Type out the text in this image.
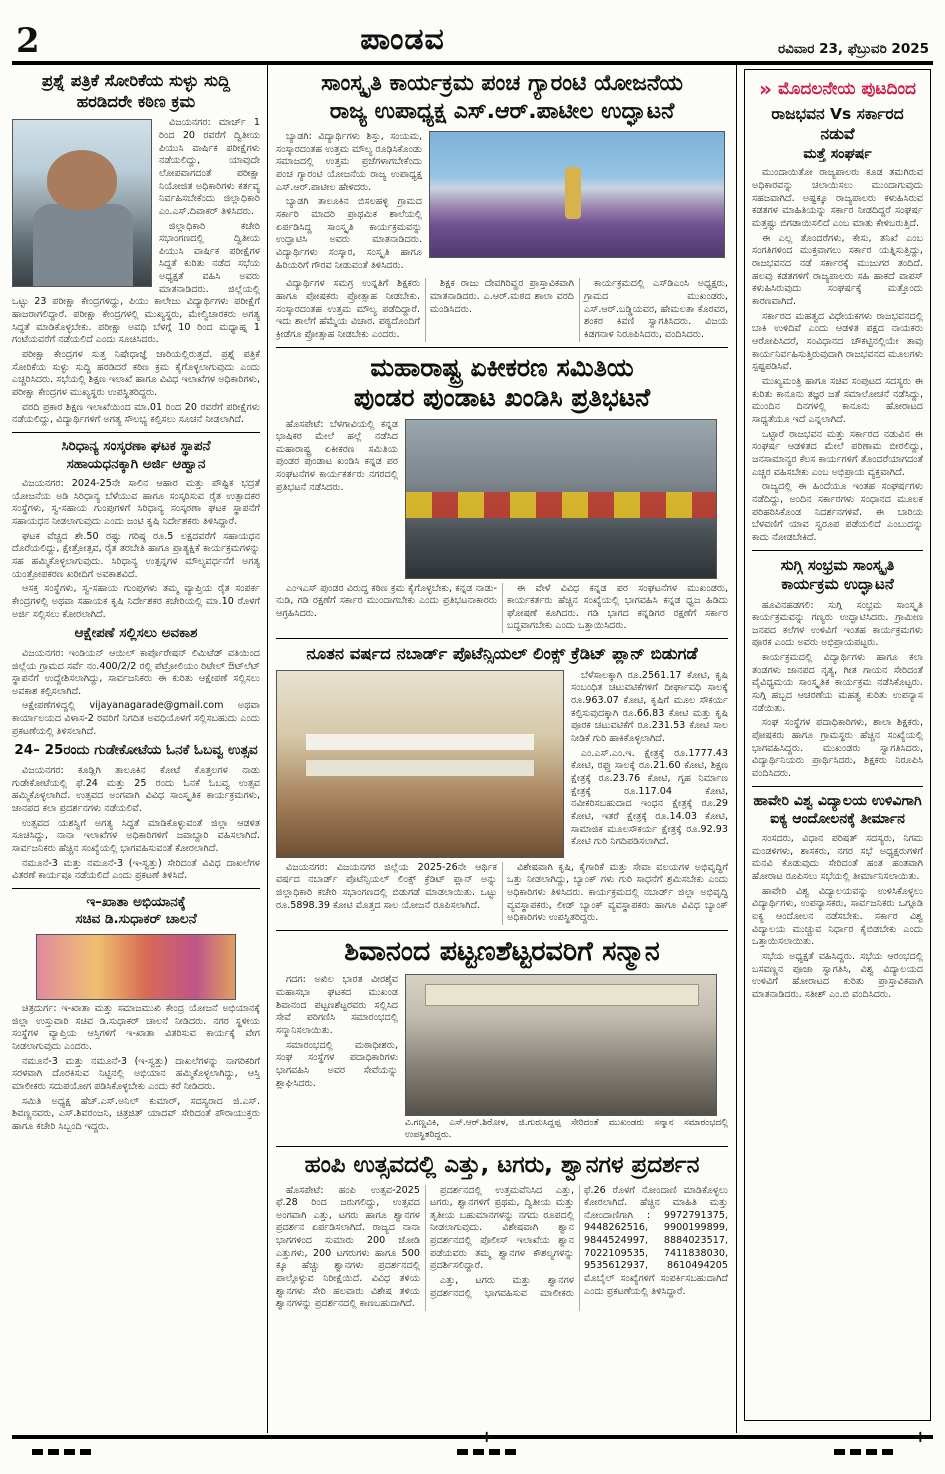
2	ಪಾಂಡವ	ರವಿವಾರ 23, ಫೆಬ್ರುವರಿ 2025
ಪ್ರಶ್ನೆ ಪತ್ರಿಕೆ ಸೋರಿಕೆಯ ಸುಳ್ಳು ಸುದ್ದಿ
ಹರಡಿದರೇ ಕಠಿಣ ಕ್ರಮ

ವಿಜಯನಗರ: ಮಾರ್ಚ್ 1 ರಿಂದ 20 ರವರೆಗೆ ದ್ವಿತೀಯ ಪಿಯುಸಿ ವಾರ್ಷಿಕ ಪರೀಕ್ಷೆಗಳು ನಡೆಯಲಿದ್ದು, ಯಾವುದೇ ಲೋಪವಾಗದಂತೆ ಪರೀಕ್ಷಾ ನಿಯೋಜಿತ ಅಧಿಕಾರಿಗಳು ಕರ್ತವ್ಯ ನಿರ್ವಹಿಸಬೇಕೆಂದು ಜಿಲ್ಲಾಧಿಕಾರಿ ಎಂ.ಎಸ್.ದಿವಾಕರ್ ತಿಳಿಸಿದರು.

ಜಿಲ್ಲಾಧಿಕಾರಿ ಕಚೇರಿ ಸಭಾಂಗಣದಲ್ಲಿ ದ್ವಿತೀಯ ಪಿಯುಸಿ ವಾರ್ಷಿಕ ಪರೀಕ್ಷೆಗಳ ಸಿದ್ಧತೆ ಕುರಿತು ನಡೆದ ಸಭೆಯ ಅಧ್ಯಕ್ಷತೆ ವಹಿಸಿ ಅವರು ಮಾತನಾಡಿದರು. ಜಿಲ್ಲೆಯಲ್ಲಿ ಒಟ್ಟು 23 ಪರೀಕ್ಷಾ ಕೇಂದ್ರಗಳಿದ್ದು, ಪಿಯು ಕಾಲೇಜು ವಿದ್ಯಾರ್ಥಿಗಳು ಪರೀಕ್ಷೆಗೆ ಹಾಜರಾಗಲಿದ್ದಾರೆ. ಪರೀಕ್ಷಾ ಕೇಂದ್ರಗಳಲ್ಲಿ ಮುಖ್ಯಸ್ಥರು, ಮೇಲ್ವಿಚಾರಕರು ಅಗತ್ಯ ಸಿದ್ಧತೆ ಮಾಡಿಕೊಳ್ಳಬೇಕು. ಪರೀಕ್ಷಾ ಅವಧಿ ಬೆಳಗ್ಗೆ 10 ರಿಂದ ಮಧ್ಯಾಹ್ನ 1 ಗಂಟೆಯವರೆಗೆ ನಡೆಯಲಿದೆ ಎಂದು ಸೂಚಿಸಿದರು.

ಪರೀಕ್ಷಾ ಕೇಂದ್ರಗಳ ಸುತ್ತ ನಿಷೇಧಾಜ್ಞೆ ಜಾರಿಯಲ್ಲಿರುತ್ತದೆ. ಪ್ರಶ್ನೆ ಪತ್ರಿಕೆ ಸೋರಿಕೆಯ ಸುಳ್ಳು ಸುದ್ದಿ ಹರಡಿದರೆ ಕಠಿಣ ಕ್ರಮ ಕೈಗೊಳ್ಳಲಾಗುವುದು ಎಂದು ಎಚ್ಚರಿಸಿದರು. ಸಭೆಯಲ್ಲಿ ಶಿಕ್ಷಣ ಇಲಾಖೆ ಹಾಗೂ ವಿವಿಧ ಇಲಾಖೆಗಳ ಅಧಿಕಾರಿಗಳು, ಪರೀಕ್ಷಾ ಕೇಂದ್ರಗಳ ಮುಖ್ಯಸ್ಥರು ಉಪಸ್ಥಿತರಿದ್ದರು.

ವರದಿ ಪ್ರಕಾರ ಶಿಕ್ಷಣ ಇಲಾಖೆಯಿಂದ ಮಾ.01 ರಿಂದ 20 ರವರೆಗೆ ಪರೀಕ್ಷೆಗಳು ನಡೆಯಲಿದ್ದು, ವಿದ್ಯಾರ್ಥಿಗಳಿಗೆ ಅಗತ್ಯ ಸೌಲಭ್ಯ ಕಲ್ಪಿಸಲು ಸೂಚನೆ ನೀಡಲಾಗಿದೆ.

ಸಿರಿಧಾನ್ಯ ಸಂಸ್ಕರಣಾ ಘಟಕ ಸ್ಥಾಪನೆ
ಸಹಾಯಧನಕ್ಕಾಗಿ ಅರ್ಜಿ ಆಹ್ವಾನ

ವಿಜಯನಗರ: 2024-25ನೇ ಸಾಲಿನ ಆಹಾರ ಮತ್ತು ಪೌಷ್ಟಿಕ ಭದ್ರತೆ ಯೋಜನೆಯ ಅಡಿ ಸಿರಿಧಾನ್ಯ ಬೆಳೆಯುವ ಹಾಗೂ ಸಂಸ್ಕರಿಸುವ ರೈತ ಉತ್ಪಾದಕರ ಸಂಸ್ಥೆಗಳು, ಸ್ವ-ಸಹಾಯ ಗುಂಪುಗಳಿಗೆ ಸಿರಿಧಾನ್ಯ ಸಂಸ್ಕರಣಾ ಘಟಕ ಸ್ಥಾಪನೆಗೆ ಸಹಾಯಧನ ನೀಡಲಾಗುವುದು ಎಂದು ಜಂಟಿ ಕೃಷಿ ನಿರ್ದೇಶಕರು ತಿಳಿಸಿದ್ದಾರೆ.

ಘಟಕ ವೆಚ್ಚದ ಶೇ.50 ರಷ್ಟು ಗರಿಷ್ಠ ರೂ.5 ಲಕ್ಷದವರೆಗೆ ಸಹಾಯಧನ ದೊರೆಯಲಿದ್ದು, ಕ್ಷೇತ್ರೋತ್ಸವ, ರೈತ ತರಬೇತಿ ಹಾಗೂ ಪ್ರಾತ್ಯಕ್ಷಿಕೆ ಕಾರ್ಯಕ್ರಮಗಳನ್ನು ಸಹ ಹಮ್ಮಿಕೊಳ್ಳಲಾಗುವುದು. ಸಿರಿಧಾನ್ಯ ಉತ್ಪನ್ನಗಳ ಮೌಲ್ಯವರ್ಧನೆಗೆ ಅಗತ್ಯ ಯಂತ್ರೋಪಕರಣ ಖರೀದಿಗೆ ಅವಕಾಶವಿದೆ.

ಆಸಕ್ತ ಸಂಸ್ಥೆಗಳು, ಸ್ವ-ಸಹಾಯ ಗುಂಪುಗಳು ತಮ್ಮ ವ್ಯಾಪ್ತಿಯ ರೈತ ಸಂಪರ್ಕ ಕೇಂದ್ರಗಳಲ್ಲಿ ಅಥವಾ ಸಹಾಯಕ ಕೃಷಿ ನಿರ್ದೇಶಕರ ಕಚೇರಿಯಲ್ಲಿ ಮಾ.10 ರೊಳಗೆ ಅರ್ಜಿ ಸಲ್ಲಿಸಲು ಕೋರಲಾಗಿದೆ.

ಆಕ್ಷೇಪಣೆ ಸಲ್ಲಿಸಲು ಅವಕಾಶ

ವಿಜಯನಗರ: ಇಂಡಿಯನ್ ಆಯಿಲ್ ಕಾರ್ಪೊರೇಷನ್ ಲಿಮಿಟೆಡ್ ವತಿಯಿಂದ ಜಿಲ್ಲೆಯ ಗ್ರಾಮದ ಸರ್ವೆ ನಂ.400/2/2 ರಲ್ಲಿ ಪೆಟ್ರೋಲಿಯಂ ರಿಟೇಲ್ ಔಟ್‌ಲೆಟ್ ಸ್ಥಾಪನೆಗೆ ಉದ್ದೇಶಿಸಲಾಗಿದ್ದು, ಸಾರ್ವಜನಿಕರು ಈ ಕುರಿತು ಆಕ್ಷೇಪಣೆ ಸಲ್ಲಿಸಲು ಅವಕಾಶ ಕಲ್ಪಿಸಲಾಗಿದೆ.

ಆಕ್ಷೇಪಣೆಗಳಿದ್ದಲ್ಲಿ vijayanagarade@gmail.com ಅಥವಾ ಕಾರ್ಯಾಲಯದ ವಿಳಾಸ-2 ರವರಿಗೆ ನಿಗದಿತ ಅವಧಿಯೊಳಗೆ ಸಲ್ಲಿಸಬಹುದು ಎಂದು ಪ್ರಕಟಣೆಯಲ್ಲಿ ತಿಳಿಸಲಾಗಿದೆ.

24– 25ರಂದು ಗುಡೇಕೋಟೆಯ ಓನಕೆ ಓಬವ್ವ ಉತ್ಸವ

ವಿಜಯನಗರ: ಕೂಡ್ಲಿಗಿ ತಾಲೂಕಿನ ಕೋಟೆ ಕೊತ್ತಲಗಳ ನಾಡು ಗುಡೇಕೋಟೆಯಲ್ಲಿ ಫೆ.24 ಮತ್ತು 25 ರಂದು ಓನಕೆ ಓಬವ್ವ ಉತ್ಸವ ಹಮ್ಮಿಕೊಳ್ಳಲಾಗಿದೆ. ಉತ್ಸವದ ಅಂಗವಾಗಿ ವಿವಿಧ ಸಾಂಸ್ಕೃತಿಕ ಕಾರ್ಯಕ್ರಮಗಳು, ಜಾನಪದ ಕಲಾ ಪ್ರದರ್ಶನಗಳು ನಡೆಯಲಿವೆ.

ಉತ್ಸವದ ಯಶಸ್ವಿಗೆ ಅಗತ್ಯ ಸಿದ್ಧತೆ ಮಾಡಿಕೊಳ್ಳುವಂತೆ ಜಿಲ್ಲಾ ಆಡಳಿತ ಸೂಚಿಸಿದ್ದು, ನಾನಾ ಇಲಾಖೆಗಳ ಅಧಿಕಾರಿಗಳಿಗೆ ಜವಾಬ್ದಾರಿ ವಹಿಸಲಾಗಿದೆ. ಸಾರ್ವಜನಿಕರು ಹೆಚ್ಚಿನ ಸಂಖ್ಯೆಯಲ್ಲಿ ಭಾಗವಹಿಸುವಂತೆ ಕೋರಲಾಗಿದೆ.

ನಮೂನೆ-3 ಮತ್ತು ನಮೂನೆ-3 (ಇ-ಸ್ವತ್ತು) ಸೇರಿದಂತೆ ವಿವಿಧ ದಾಖಲೆಗಳ ವಿತರಣೆ ಕಾರ್ಯವೂ ನಡೆಯಲಿದೆ ಎಂದು ಪ್ರಕಟಣೆ ತಿಳಿಸಿದೆ.

ಇ–ಖಾತಾ ಅಭಿಯಾನಕ್ಕೆ
ಸಚಿವ ಡಿ.ಸುಧಾಕರ್ ಚಾಲನೆ

ಚಿತ್ರದುರ್ಗ: ಇ-ಖಾತಾ ಮತ್ತು ಸಮಾಜಮುಖಿ ಕೇಂದ್ರ ಯೋಜನೆ ಅಭಿಯಾನಕ್ಕೆ ಜಿಲ್ಲಾ ಉಸ್ತುವಾರಿ ಸಚಿವ ಡಿ.ಸುಧಾಕರ್ ಚಾಲನೆ ನೀಡಿದರು. ನಗರ ಸ್ಥಳೀಯ ಸಂಸ್ಥೆಗಳ ವ್ಯಾಪ್ತಿಯ ಆಸ್ತಿಗಳಿಗೆ ಇ-ಖಾತಾ ವಿತರಿಸುವ ಕಾರ್ಯಕ್ಕೆ ವೇಗ ನೀಡಲಾಗುವುದು ಎಂದರು.

ನಮೂನೆ-3 ಮತ್ತು ನಮೂನೆ-3 (ಇ-ಸ್ವತ್ತು) ದಾಖಲೆಗಳನ್ನು ನಾಗರಿಕರಿಗೆ ಸರಳವಾಗಿ ದೊರಕಿಸುವ ನಿಟ್ಟಿನಲ್ಲಿ ಅಭಿಯಾನ ಹಮ್ಮಿಕೊಳ್ಳಲಾಗಿದ್ದು, ಆಸ್ತಿ ಮಾಲೀಕರು ಸದುಪಯೋಗ ಪಡಿಸಿಕೊಳ್ಳಬೇಕು ಎಂದು ಕರೆ ನೀಡಿದರು.

ಸಮಿತಿ ಅಧ್ಯಕ್ಷ ಹೆಚ್.ಎಸ್.ಅನಿಲ್ ಕುಮಾರ್, ಸದಸ್ಯರಾದ ಜಿ.ಎಸ್. ಶಿವಣ್ಣನವರು, ಎಸ್.ಶಿವರಂಜನಿ, ಚಿತ್ರಜಿತ್ ಯಾದವ್ ಸೇರಿದಂತೆ ಪೌರಾಯುಕ್ತರು ಹಾಗೂ ಕಚೇರಿ ಸಿಬ್ಬಂದಿ ಇದ್ದರು.

ಸಾಂಸ್ಕೃತಿ ಕಾರ್ಯಕ್ರಮ ಪಂಚ ಗ್ಯಾರಂಟಿ ಯೋಜನೆಯ
ರಾಜ್ಯ ಉಪಾಧ್ಯಕ್ಷ ಎಸ್.ಆರ್.ಪಾಟೀಲ ಉದ್ಘಾಟನೆ

ಬ್ಯಾಡಗಿ: ವಿದ್ಯಾರ್ಥಿಗಳು ಶಿಸ್ತು, ಸಂಯಮ, ಸಂಸ್ಕಾರದಂತಹ ಉತ್ತಮ ಮೌಲ್ಯ ರೂಢಿಸಿಕೊಂಡು ಸಮಾಜದಲ್ಲಿ ಉತ್ತಮ ಪ್ರಜೆಗಳಾಗಬೇಕೆಂದು ಪಂಚ ಗ್ಯಾರಂಟಿ ಯೋಜನೆಯ ರಾಜ್ಯ ಉಪಾಧ್ಯಕ್ಷ ಎಸ್.ಆರ್.ಪಾಟೀಲ ಹೇಳಿದರು.

ಬ್ಯಾಡಗಿ ತಾಲೂಕಿನ ಬಿಸಲಹಳ್ಳಿ ಗ್ರಾಮದ ಸರ್ಕಾರಿ ಮಾದರಿ ಪ್ರಾಥಮಿಕ ಶಾಲೆಯಲ್ಲಿ ಏರ್ಪಡಿಸಿದ್ದ ಸಾಂಸ್ಕೃತಿ ಕಾರ್ಯಕ್ರಮವನ್ನು ಉದ್ಘಾಟಿಸಿ ಅವರು ಮಾತನಾಡಿದರು. ವಿದ್ಯಾರ್ಥಿಗಳು ಸಂಸ್ಕಾರ, ಸಂಸ್ಕೃತಿ ಹಾಗೂ ಹಿರಿಯರಿಗೆ ಗೌರವ ನೀಡುವಂತೆ ತಿಳಿಸಿದರು.

ವಿದ್ಯಾರ್ಥಿಗಳ ಸಮಗ್ರ ಉನ್ನತಿಗೆ ಶಿಕ್ಷಕರು ಹಾಗೂ ಪೋಷಕರು ಪ್ರೋತ್ಸಾಹ ನೀಡಬೇಕು. ಸಂಸ್ಕಾರದಂತಹ ಉತ್ತಮ ಮೌಲ್ಯ ಪಡೆದಿದ್ದಾರೆ. ಇದು ಶಾಲೆಗೆ ಹೆಮ್ಮೆಯ ವಿಚಾರ. ಪಠ್ಯದೊಂದಿಗೆ ಕ್ರೀಡೆಗೂ ಪ್ರೋತ್ಸಾಹ ನೀಡಬೇಕು ಎಂದರು.

ಶಿಕ್ಷಕ ರಾಜು ದೇವಗಿರಿವ್ಹರ ಪ್ರಾಸ್ತಾವಿಕವಾಗಿ ಮಾತನಾಡಿದರು. ಎ.ಆರ್.ಮಠದ ಶಾಲಾ ವರದಿ ಮಂಡಿಸಿದರು.

ಕಾರ್ಯಕ್ರಮದಲ್ಲಿ ಎಸ್‌ಡಿಎಂಸಿ ಅಧ್ಯಕ್ಷರು, ಗ್ರಾಮದ ಮುಖಂಡರು, ಎಸ್.ಆರ್.ಬಡ್ಡಿಯವರ, ಹೇಮಲತಾ ಕೊರವರ, ಶಂಕರ ಕಿವಣಿ ಸ್ವಾಗತಿಸಿದರು. ವಿಜಯ ಕಿಡಗನಾಳ ನಿರೂಪಿಸಿದರು, ವಂದಿಸಿದರು.

ಮಹಾರಾಷ್ಟ್ರ ಏಕೀಕರಣ ಸಮಿತಿಯ
ಪುಂಡರ ಪುಂಡಾಟ ಖಂಡಿಸಿ ಪ್ರತಿಭಟನೆ

ಹೊಸಪೇಟೆ: ಬೆಳಗಾವಿಯಲ್ಲಿ ಕನ್ನಡ ಭಾಷಿಕರ ಮೇಲೆ ಹಲ್ಲೆ ನಡೆಸಿದ ಮಹಾರಾಷ್ಟ್ರ ಏಕೀಕರಣ ಸಮಿತಿಯ ಪುಂಡರ ಪುಂಡಾಟ ಖಂಡಿಸಿ ಕನ್ನಡ ಪರ ಸಂಘಟನೆಗಳ ಕಾರ್ಯಕರ್ತರು ನಗರದಲ್ಲಿ ಪ್ರತಿಭಟನೆ ನಡೆಸಿದರು.

ಎಂಇಎಸ್ ಪುಂಡರ ವಿರುದ್ಧ ಕಠಿಣ ಕ್ರಮ ಕೈಗೊಳ್ಳಬೇಕು, ಕನ್ನಡ ನಾಡು-ನುಡಿ, ಗಡಿ ರಕ್ಷಣೆಗೆ ಸರ್ಕಾರ ಮುಂದಾಗಬೇಕು ಎಂದು ಪ್ರತಿಭಟನಾಕಾರರು ಆಗ್ರಹಿಸಿದರು.

ಈ ವೇಳೆ ವಿವಿಧ ಕನ್ನಡ ಪರ ಸಂಘಟನೆಗಳ ಮುಖಂಡರು, ಕಾರ್ಯಕರ್ತರು ಹೆಚ್ಚಿನ ಸಂಖ್ಯೆಯಲ್ಲಿ ಭಾಗವಹಿಸಿ ಕನ್ನಡ ಧ್ವಜ ಹಿಡಿದು ಘೋಷಣೆ ಕೂಗಿದರು. ಗಡಿ ಭಾಗದ ಕನ್ನಡಿಗರ ರಕ್ಷಣೆಗೆ ಸರ್ಕಾರ ಬದ್ಧವಾಗಬೇಕು ಎಂದು ಒತ್ತಾಯಿಸಿದರು.

ನೂತನ ವರ್ಷದ ನಬಾರ್ಡ್ ಪೊಟೆನ್ಸಿಯಲ್ ಲಿಂಕ್ಸ್ ಕ್ರೆಡಿಟ್ ಪ್ಲಾನ್ ಬಿಡುಗಡೆ

ಬೆಳೆಸಾಲಕ್ಕಾಗಿ ರೂ.2561.17 ಕೋಟಿ, ಕೃಷಿ ಸಂಬಂಧಿತ ಚಟುವಟಿಕೆಗಳಿಗೆ ದೀರ್ಘಾವಧಿ ಸಾಲಕ್ಕೆ ರೂ.963.07 ಕೋಟಿ, ಕೃಷಿಗೆ ಮೂಲ ಸೌಕರ್ಯ ಕಲ್ಪಿಸುವುದಕ್ಕಾಗಿ ರೂ.66.83 ಕೋಟಿ ಮತ್ತು ಕೃಷಿ ಪೂರಕ ಚಟುವಟಿಕೆಗೆ ರೂ.231.53 ಕೋಟಿ ಸಾಲ ನೀಡಿಕೆ ಗುರಿ ಹಾಕಿಕೊಳ್ಳಲಾಗಿದೆ.

ಎಂ.ಎಸ್.ಎಂ.ಇ. ಕ್ಷೇತ್ರಕ್ಕೆ ರೂ.1777.43 ಕೋಟಿ, ರಫ್ತು ಸಾಲಕ್ಕೆ ರೂ.21.60 ಕೋಟಿ, ಶಿಕ್ಷಣ ಕ್ಷೇತ್ರಕ್ಕೆ ರೂ.23.76 ಕೋಟಿ, ಗೃಹ ನಿರ್ಮಾಣ ಕ್ಷೇತ್ರಕ್ಕೆ ರೂ.117.04 ಕೋಟಿ, ನವೀಕರಿಸಬಹುದಾದ ಇಂಧನ ಕ್ಷೇತ್ರಕ್ಕೆ ರೂ.29 ಕೋಟಿ, ಇತರೆ ಕ್ಷೇತ್ರಕ್ಕೆ ರೂ.14.03 ಕೋಟಿ, ಸಾಮಾಜಿಕ ಮೂಲಸೌಕರ್ಯ ಕ್ಷೇತ್ರಕ್ಕೆ ರೂ.92.93 ಕೋಟಿ ಗುರಿ ನಿಗದಿಪಡಿಸಲಾಗಿದೆ.

ವಿಜಯನಗರ: ವಿಜಯನಗರ ಜಿಲ್ಲೆಯ 2025-26ನೇ ಆರ್ಥಿಕ ವರ್ಷದ ನಬಾರ್ಡ್ ಪೊಟೆನ್ಸಿಯಲ್ ಲಿಂಕ್ಸ್ ಕ್ರೆಡಿಟ್ ಪ್ಲಾನ್ ಅನ್ನು ಜಿಲ್ಲಾಧಿಕಾರಿ ಕಚೇರಿ ಸಭಾಂಗಣದಲ್ಲಿ ಬಿಡುಗಡೆ ಮಾಡಲಾಯಿತು. ಒಟ್ಟು ರೂ.5898.39 ಕೋಟಿ ಮೊತ್ತದ ಸಾಲ ಯೋಜನೆ ರೂಪಿಸಲಾಗಿದೆ.

ವಿಶೇಷವಾಗಿ ಕೃಷಿ, ಕೈಗಾರಿಕೆ ಮತ್ತು ಸೇವಾ ವಲಯಗಳ ಅಭಿವೃದ್ಧಿಗೆ ಒತ್ತು ನೀಡಲಾಗಿದ್ದು, ಬ್ಯಾಂಕ್ ಗಳು ಗುರಿ ಸಾಧನೆಗೆ ಶ್ರಮಿಸಬೇಕು ಎಂದು ಅಧಿಕಾರಿಗಳು ತಿಳಿಸಿದರು. ಕಾರ್ಯಕ್ರಮದಲ್ಲಿ ನಬಾರ್ಡ್ ಜಿಲ್ಲಾ ಅಭಿವೃದ್ಧಿ ವ್ಯವಸ್ಥಾಪಕರು, ಲೀಡ್ ಬ್ಯಾಂಕ್ ವ್ಯವಸ್ಥಾಪಕರು ಹಾಗೂ ವಿವಿಧ ಬ್ಯಾಂಕ್ ಅಧಿಕಾರಿಗಳು ಉಪಸ್ಥಿತರಿದ್ದರು.

ಶಿವಾನಂದ ಪಟ್ಟಣಶೆಟ್ಟರವರಿಗೆ ಸನ್ಮಾನ

ಗದಗ: ಅಖಿಲ ಭಾರತ ವೀರಶೈವ ಮಹಾಸಭಾ ಘಟಕದ ಮುಖಂಡ ಶಿವಾನಂದ ಪಟ್ಟಣಶೆಟ್ಟರವರು ಸಲ್ಲಿಸಿದ ಸೇವೆ ಪರಿಗಣಿಸಿ ಸಮಾರಂಭದಲ್ಲಿ ಸನ್ಮಾನಿಸಲಾಯಿತು.

ಸಮಾರಂಭದಲ್ಲಿ ಮಠಾಧೀಶರು, ಸಂಘ ಸಂಸ್ಥೆಗಳ ಪದಾಧಿಕಾರಿಗಳು ಭಾಗವಹಿಸಿ ಅವರ ಸೇವೆಯನ್ನು ಶ್ಲಾಘಿಸಿದರು.

ವಿ.ಗಣ್ಣವಿಕಿ, ಎಸ್.ಆರ್.ಶಿರೋಳ, ಜಿ.ಗುರುಸಿದ್ದಪ್ಪ ಸೇರಿದಂತೆ ಮುಖಂಡರು ಸನ್ಮಾನ ಸಮಾರಂಭದಲ್ಲಿ ಉಪಸ್ಥಿತರಿದ್ದರು.
ಹಂಪಿ ಉತ್ಸವದಲ್ಲಿ ಎತ್ತು, ಟಗರು, ಶ್ವಾನಗಳ ಪ್ರದರ್ಶನ

ಹೊಸಪೇಟೆ: ಹಂಪಿ ಉತ್ಸವ-2025 ಫೆ.28 ರಿಂದ ಜರುಗಲಿದ್ದು, ಉತ್ಸವದ ಅಂಗವಾಗಿ ಎತ್ತು, ಟಗರು ಹಾಗೂ ಶ್ವಾನಗಳ ಪ್ರದರ್ಶನ ಏರ್ಪಡಿಸಲಾಗಿದೆ. ರಾಜ್ಯದ ನಾನಾ ಭಾಗಗಳಿಂದ ಸುಮಾರು 200 ಜೋಡಿ ಎತ್ತುಗಳು, 200 ಟಗರುಗಳು ಹಾಗೂ 500 ಕ್ಕೂ ಹೆಚ್ಚು ಶ್ವಾನಗಳು ಪ್ರದರ್ಶನದಲ್ಲಿ ಪಾಲ್ಗೊಳ್ಳುವ ನಿರೀಕ್ಷೆಯಿದೆ. ವಿವಿಧ ತಳಿಯ ಶ್ವಾನಗಳು ಸೇರಿ ಹಲವಾರು ವಿಶೇಷ ತಳಿಯ ಶ್ವಾನಗಳನ್ನು ಪ್ರದರ್ಶನದಲ್ಲಿ ಕಾಣಬಹುದಾಗಿದೆ.

ಪ್ರದರ್ಶನದಲ್ಲಿ ಉತ್ತಮವೆನಿಸಿದ ಎತ್ತು, ಟಗರು, ಶ್ವಾನಗಳಿಗೆ ಪ್ರಥಮ, ದ್ವಿತೀಯ ಮತ್ತು ತೃತೀಯ ಬಹುಮಾನಗಳನ್ನು ನಗದು ರೂಪದಲ್ಲಿ ನೀಡಲಾಗುವುದು. ವಿಶೇಷವಾಗಿ ಶ್ವಾನ ಪ್ರದರ್ಶನದಲ್ಲಿ ಪೊಲೀಸ್ ಇಲಾಖೆಯ ಶ್ವಾನ ಪಡೆಯವರು ತಮ್ಮ ಶ್ವಾನಗಳ ಕೌಶಲ್ಯಗಳನ್ನು ಪ್ರದರ್ಶಿಸಲಿದ್ದಾರೆ.

ಎತ್ತು, ಟಗರು ಮತ್ತು ಶ್ವಾನಗಳ ಪ್ರದರ್ಶನದಲ್ಲಿ ಭಾಗವಹಿಸುವ ಮಾಲೀಕರು ಫೆ.26 ರೊಳಗೆ ನೋಂದಾಣಿ ಮಾಡಿಕೊಳ್ಳಲು ಕೋರಲಾಗಿದೆ. ಹೆಚ್ಚಿನ ಮಾಹಿತಿ ಮತ್ತು ನೋಂದಾಣಿಗಾಗಿ : 9972791375, 9448262516, 9900199899, 9844524997, 8884023517, 7022109535, 7411838030, 9535612937, 8610494205 ಮೊಬೈಲ್ ಸಂಖ್ಯೆಗಳಿಗೆ ಸಂಪರ್ಕಿಸಬಹುದಾಗಿದೆ ಎಂದು ಪ್ರಕಟಣೆಯಲ್ಲಿ ತಿಳಿಸಿದ್ದಾರೆ.

» ಮೊದಲನೇಯ ಪುಟದಿಂದ
ರಾಜಭವನ Vs ಸರ್ಕಾರದ ನಡುವೆ
ಮತ್ತೆ ಸಂಘರ್ಷ

ಮುಂದಾಯಿತೋ ರಾಜ್ಯಪಾಲರು ಕೂಡ ತಮಗಿರುವ ಅಧಿಕಾರವನ್ನು ಚಲಾಯಿಸಲು ಮುಂದಾಗುವುದು ಸಹಜವಾಗಿದೆ. ಅಷ್ಟಕ್ಕೂ ರಾಜ್ಯಪಾಲರು ಕಳುಹಿಸಿರುವ ಕಡತಗಳ ಮಾಹಿತಿಯನ್ನು ಸರ್ಕಾರ ನೀಡದಿದ್ದರೆ ಸಂಘರ್ಷ ಮತ್ತಷ್ಟು ಬಿಗಡಾಯಿಸಲಿದೆ ಎಂಬ ಮಾತು ಕೇಳಿಬರುತ್ತಿದೆ.

ಈ ಎಲ್ಲ ತೊಂದರೆಗಳು, ಕೇಸು, ತನಿಖೆ ಎಂಬ ಸಂಗತಿಗಳಿಂದ ಮುಕ್ತವಾಗಲು ಸರ್ಕಾರ ಯತ್ನಿಸುತ್ತಿದ್ದು, ರಾಜಭವನದ ನಡೆ ಸರ್ಕಾರಕ್ಕೆ ಮುಜುಗರ ತಂದಿದೆ. ಹಲವು ಕಡತಗಳಿಗೆ ರಾಜ್ಯಪಾಲರು ಸಹಿ ಹಾಕದೆ ವಾಪಸ್ ಕಳುಹಿಸಿರುವುದು ಸಂಘರ್ಷಕ್ಕೆ ಮತ್ತೊಂದು ಕಾರಣವಾಗಿದೆ.

ಸರ್ಕಾರದ ಮಹತ್ವದ ವಿಧೇಯಕಗಳು ರಾಜಭವನದಲ್ಲಿ ಬಾಕಿ ಉಳಿದಿವೆ ಎಂದು ಆಡಳಿತ ಪಕ್ಷದ ನಾಯಕರು ಆರೋಪಿಸಿದರೆ, ಸಂವಿಧಾನದ ಚೌಕಟ್ಟಿನಲ್ಲಿಯೇ ತಾವು ಕಾರ್ಯನಿರ್ವಹಿಸುತ್ತಿರುವುದಾಗಿ ರಾಜಭವನದ ಮೂಲಗಳು ಸ್ಪಷ್ಟಪಡಿಸಿವೆ.

ಮುಖ್ಯಮಂತ್ರಿ ಹಾಗೂ ಸಚಿವ ಸಂಪುಟದ ಸದಸ್ಯರು ಈ ಕುರಿತು ಕಾನೂನು ತಜ್ಞರ ಜತೆ ಸಮಾಲೋಚನೆ ನಡೆಸಿದ್ದು, ಮುಂದಿನ ದಿನಗಳಲ್ಲಿ ಕಾನೂನು ಹೋರಾಟದ ಸಾಧ್ಯತೆಯೂ ಇದೆ ಎನ್ನಲಾಗಿದೆ.

ಒಟ್ಟಾರೆ ರಾಜಭವನ ಮತ್ತು ಸರ್ಕಾರದ ನಡುವಿನ ಈ ಸಂಘರ್ಷ ಆಡಳಿತದ ಮೇಲೆ ಪರಿಣಾಮ ಬೀರಲಿದ್ದು, ಜನಸಾಮಾನ್ಯರ ಕೆಲಸ ಕಾರ್ಯಗಳಿಗೆ ತೊಂದರೆಯಾಗದಂತೆ ಎಚ್ಚರ ವಹಿಸಬೇಕು ಎಂಬ ಅಭಿಪ್ರಾಯ ವ್ಯಕ್ತವಾಗಿದೆ.

ರಾಜ್ಯದಲ್ಲಿ ಈ ಹಿಂದೆಯೂ ಇಂತಹ ಸಂಘರ್ಷಗಳು ನಡೆದಿದ್ದು, ಅಂದಿನ ಸರ್ಕಾರಗಳು ಸಂಧಾನದ ಮೂಲಕ ಪರಿಹರಿಸಿಕೊಂಡ ನಿದರ್ಶನಗಳಿವೆ. ಈ ಬಾರಿಯ ಬೆಳವಣಿಗೆ ಯಾವ ಸ್ವರೂಪ ಪಡೆಯಲಿದೆ ಎಂಬುದನ್ನು ಕಾದು ನೋಡಬೇಕಿದೆ.

ಸುಗ್ಗಿ ಸಂಭ್ರಮ ಸಾಂಸ್ಕೃತಿ
ಕಾರ್ಯಕ್ರಮ ಉದ್ಘಾಟನೆ

ಹೂವಿನಹಡಗಲಿ: ಸುಗ್ಗಿ ಸಂಭ್ರಮ ಸಾಂಸ್ಕೃತಿ ಕಾರ್ಯಕ್ರಮವನ್ನು ಗಣ್ಯರು ಉದ್ಘಾಟಿಸಿದರು. ಗ್ರಾಮೀಣ ಜನಪದ ಕಲೆಗಳ ಉಳಿವಿಗೆ ಇಂತಹ ಕಾರ್ಯಕ್ರಮಗಳು ಪೂರಕ ಎಂದು ಅವರು ಅಭಿಪ್ರಾಯಪಟ್ಟರು.

ಕಾರ್ಯಕ್ರಮದಲ್ಲಿ ವಿದ್ಯಾರ್ಥಿಗಳು ಹಾಗೂ ಕಲಾ ತಂಡಗಳು ಜಾನಪದ ನೃತ್ಯ, ಗೀತ ಗಾಯನ ಸೇರಿದಂತೆ ವೈವಿಧ್ಯಮಯ ಸಾಂಸ್ಕೃತಿಕ ಕಾರ್ಯಕ್ರಮ ನಡೆಸಿಕೊಟ್ಟರು. ಸುಗ್ಗಿ ಹಬ್ಬದ ಆಚರಣೆಯ ಮಹತ್ವ ಕುರಿತು ಉಪನ್ಯಾಸ ನಡೆಯಿತು.

ಸಂಘ ಸಂಸ್ಥೆಗಳ ಪದಾಧಿಕಾರಿಗಳು, ಶಾಲಾ ಶಿಕ್ಷಕರು, ಪೋಷಕರು ಹಾಗೂ ಗ್ರಾಮಸ್ಥರು ಹೆಚ್ಚಿನ ಸಂಖ್ಯೆಯಲ್ಲಿ ಭಾಗವಹಿಸಿದ್ದರು. ಮುಖಂಡರು ಸ್ವಾಗತಿಸಿದರು, ವಿದ್ಯಾರ್ಥಿನಿಯರು ಪ್ರಾರ್ಥಿಸಿದರು, ಶಿಕ್ಷಕರು ನಿರೂಪಿಸಿ ವಂದಿಸಿದರು.

ಹಾವೇರಿ ವಿಶ್ವ ವಿದ್ಯಾಲಯ ಉಳಿವಿಗಾಗಿ
ಐಕ್ಯ ಆಂದೋಲನಕ್ಕೆ ತೀರ್ಮಾನ

ಸಂಸದರು, ವಿಧಾನ ಪರಿಷತ್ ಸದಸ್ಯರು, ನಿಗಮ ಮಂಡಳಿಗಳು, ಶಾಸಕರು, ನಗರ ಸಭೆ ಅಧ್ಯಕ್ಷರುಗಳಿಗೆ ಮನವಿ ಕೊಡುವುದು ಸೇರಿದಂತೆ ಹಂತ ಹಂತವಾಗಿ ಹೋರಾಟ ರೂಪಿಸಲು ಸಭೆಯಲ್ಲಿ ತೀರ್ಮಾನಿಸಲಾಯಿತು.

ಹಾವೇರಿ ವಿಶ್ವ ವಿದ್ಯಾಲಯವನ್ನು ಉಳಿಸಿಕೊಳ್ಳಲು ವಿದ್ಯಾರ್ಥಿಗಳು, ಉಪನ್ಯಾಸಕರು, ಸಾರ್ವಜನಿಕರು ಒಗ್ಗೂಡಿ ಐಕ್ಯ ಆಂದೋಲನ ನಡೆಸಬೇಕು. ಸರ್ಕಾರ ವಿಶ್ವ ವಿದ್ಯಾಲಯ ಮುಚ್ಚುವ ನಿರ್ಧಾರ ಕೈಬಿಡಬೇಕು ಎಂದು ಒತ್ತಾಯಿಸಲಾಯಿತು.

ಸಭೆಯ ಅಧ್ಯಕ್ಷತೆ ವಹಿಸಿದ್ದರು. ಸಭೆಯ ಆರಂಭದಲ್ಲಿ ಬಸವಣ್ಣನ ಪೂಜಾ ಸ್ವಾಗತಿಸಿ, ವಿಶ್ವ ವಿದ್ಯಾಲಯದ ಉಳಿವಿಗೆ ಹೋರಾಟದ ಕುರಿತು ಪ್ರಾಸ್ತಾವಿಕವಾಗಿ ಮಾತನಾಡಿದರು. ಸತೀಶ್ ಎಂ.ಬಿ ವಂದಿಸಿದರು.

+	+
